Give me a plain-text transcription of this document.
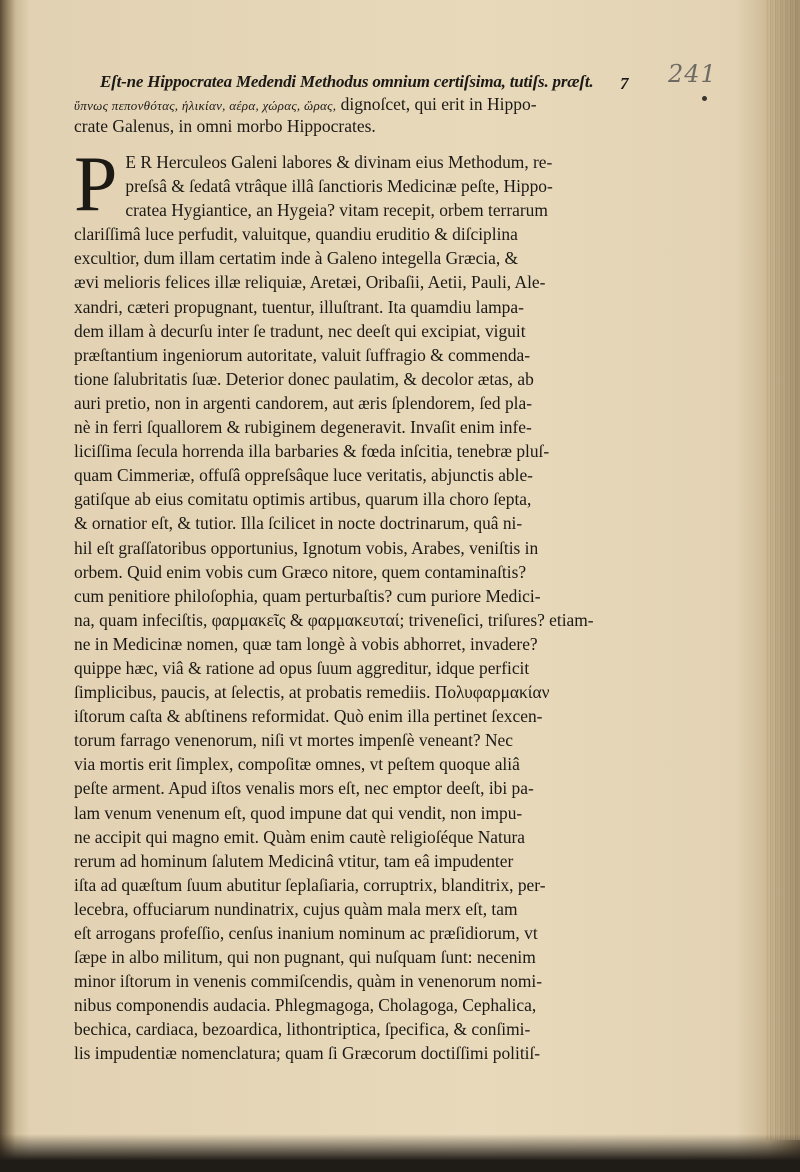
Eſt-ne Hippocratea Medendi Methodus omnium certiſsima, tutiſs. præſt.	7 241
ὕπνως πεπονθότας, ἡλικίαν, αέρα, χώρας, ὥρας, dignoſcet, qui erit in Hippo-
crate Galenus, in omni morbo Hippocrates.
P E R Herculeos Galeni labores & divinam eius Methodum, re-
preſsâ & ſedatâ vtrâque illâ ſanctioris Medicinæ peſte, Hippo-
cratea Hygiantice, an Hygeia? vitam recepit, orbem terrarum
clariſſimâ luce perfudit, valuitque, quandiu eruditio & diſciplina
excultior, dum illam certatim inde à Galeno integella Græcia, &
ævi melioris felices illæ reliquiæ, Aretæi, Oribaſii, Aetii, Pauli, Ale-
xandri, cæteri propugnant, tuentur, illuſtrant. Ita quamdiu lampa-
dem illam à decurſu inter ſe tradunt, nec deeſt qui excipiat, viguit
præſtantium ingeniorum autoritate, valuit ſuffragio & commenda-
tione ſalubritatis ſuæ. Deterior donec paulatim, & decolor ætas, ab
auri pretio, non in argenti candorem, aut æris ſplendorem, ſed pla-
nè in ferri ſquallorem & rubiginem degeneravit. Invaſit enim infe-
liciſſima ſecula horrenda illa barbaries & fœda inſcitia, tenebræ pluſ-
quam Cimmeriæ, offuſâ oppreſsâque luce veritatis, abjunctis able-
gatiſque ab eius comitatu optimis artibus, quarum illa choro ſepta,
& ornatior eſt, & tutior. Illa ſcilicet in nocte doctrinarum, quâ ni-
hil eſt graſſatoribus opportunius, Ignotum vobis, Arabes, veniſtis in
orbem. Quid enim vobis cum Græco nitore, quem contaminaſtis?
cum penitiore philoſophia, quam perturbaſtis? cum puriore Medici-
na, quam infeciſtis, φαρμακεῖς & φαρμακευταί; triveneſici, triſures? etiam-
ne in Medicinæ nomen, quæ tam longè à vobis abhorret, invadere?
quippe hæc, viâ & ratione ad opus ſuum aggreditur, idque perficit
ſimplicibus, paucis, at ſelectis, at probatis remediis. Πολυφαρμακίαν
iſtorum caſta & abſtinens reformidat. Quò enim illa pertinet ſexcen-
torum farrago venenorum, niſi vt mortes impenſè veneant? Nec
via mortis erit ſimplex, compoſitæ omnes, vt peſtem quoque aliâ
peſte arment. Apud iſtos venalis mors eſt, nec emptor deeſt, ibi pa-
lam venum venenum eſt, quod impune dat qui vendit, non impu-
ne accipit qui magno emit. Quàm enim cautè religioſéque Natura
rerum ad hominum ſalutem Medicinâ vtitur, tam eâ impudenter
iſta ad quæſtum ſuum abutitur ſeplaſiaria, corruptrix, blanditrix, per-
lecebra, offuciarum nundinatrix, cujus quàm mala merx eſt, tam
eſt arrogans profeſſio, cenſus inanium nominum ac præſidiorum, vt
ſæpe in albo militum, qui non pugnant, qui nuſquam ſunt: necenim
minor iſtorum in venenis commiſcendis, quàm in venenorum nomi-
nibus componendis audacia. Phlegmagoga, Cholagoga, Cephalica,
bechica, cardiaca, bezoardica, lithontriptica, ſpecifica, & conſimi-
lis impudentiæ nomenclatura; quam ſi Græcorum doctiſſimi politiſ-
